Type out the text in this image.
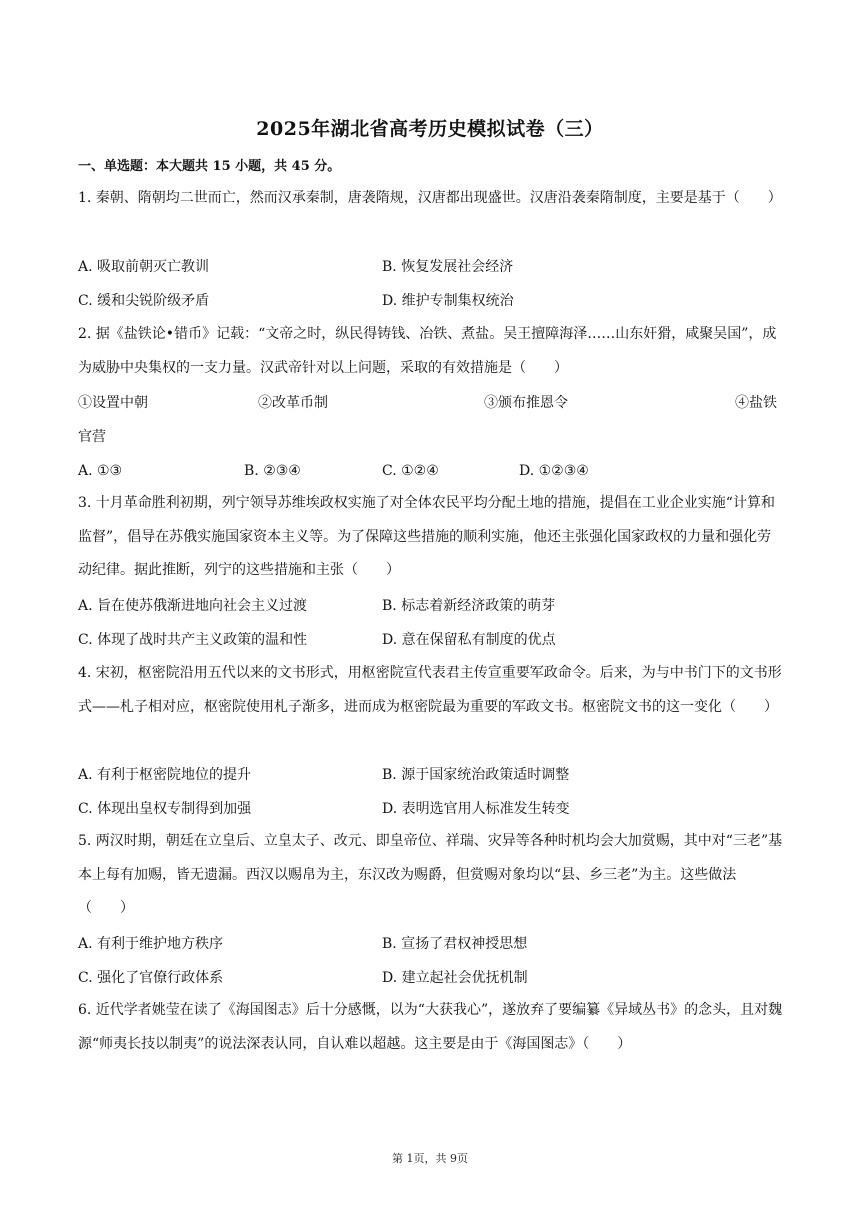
2025年湖北省高考历史模拟试卷（三）
一、单选题：本大题共 15 小题，共 45 分。
1. 秦朝、隋朝均二世而亡，然而汉承秦制，唐袭隋规，汉唐都出现盛世。汉唐沿袭秦隋制度，主要是基于（　　）
A. 吸取前朝灭亡教训	B. 恢复发展社会经济
C. 缓和尖锐阶级矛盾	D. 维护专制集权统治
2. 据《盐铁论•错币》记载：“文帝之时，纵民得铸钱、冶铁、煮盐。吴王擅障海泽……山东奸猾，咸聚吴国”，成为威胁中央集权的一支力量。汉武帝针对以上问题，采取的有效措施是（　　）
①设置中朝	②改革币制	③颁布推恩令	④盐铁
官营
A. ①③	B. ②③④	C. ①②④	D. ①②③④
3. 十月革命胜利初期，列宁领导苏维埃政权实施了对全体农民平均分配土地的措施，提倡在工业企业实施“计算和监督”，倡导在苏俄实施国家资本主义等。为了保障这些措施的顺利实施，他还主张强化国家政权的力量和强化劳动纪律。据此推断，列宁的这些措施和主张（　　）
A. 旨在使苏俄渐进地向社会主义过渡	B. 标志着新经济政策的萌芽
C. 体现了战时共产主义政策的温和性	D. 意在保留私有制度的优点
4. 宋初，枢密院沿用五代以来的文书形式，用枢密院宣代表君主传宣重要军政命令。后来，为与中书门下的文书形式——札子相对应，枢密院使用札子渐多，进而成为枢密院最为重要的军政文书。枢密院文书的这一变化（　　）
A. 有利于枢密院地位的提升	B. 源于国家统治政策适时调整
C. 体现出皇权专制得到加强	D. 表明选官用人标准发生转变
5. 两汉时期，朝廷在立皇后、立皇太子、改元、即皇帝位、祥瑞、灾异等各种时机均会大加赏赐，其中对“三老”基本上每有加赐，皆无遗漏。西汉以赐帛为主，东汉改为赐爵，但赏赐对象均以“县、乡三老”为主。这些做法（　　）
A. 有利于维护地方秩序	B. 宣扬了君权神授思想
C. 强化了官僚行政体系	D. 建立起社会优抚机制
6. 近代学者姚莹在读了《海国图志》后十分感慨，以为“大获我心”，遂放弃了要编纂《异域丛书》的念头，且对魏源“师夷长技以制夷”的说法深表认同，自认难以超越。这主要是由于《海国图志》（　　）
第 1页，共 9页
